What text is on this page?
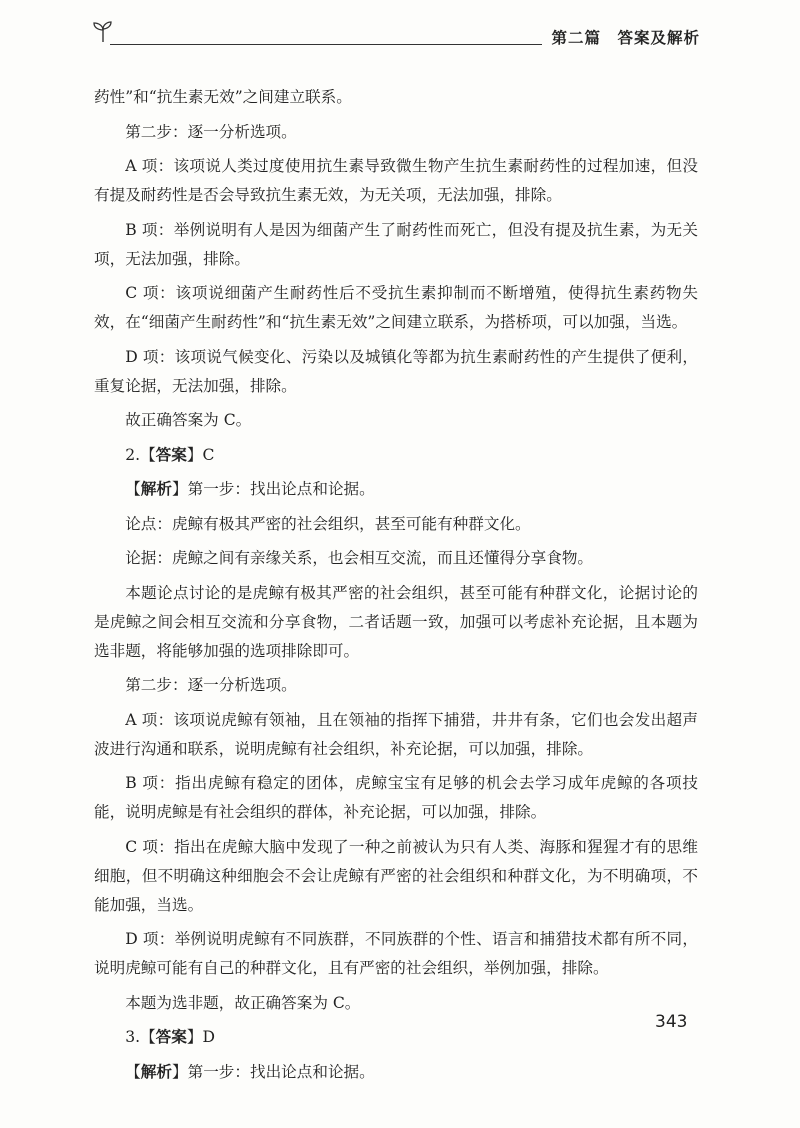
第二篇　答案及解析

药性”和“抗生素无效”之间建立联系。

第二步：逐一分析选项。

A 项：该项说人类过度使用抗生素导致微生物产生抗生素耐药性的过程加速，但没有提及耐药性是否会导致抗生素无效，为无关项，无法加强，排除。

B 项：举例说明有人是因为细菌产生了耐药性而死亡，但没有提及抗生素，为无关项，无法加强，排除。

C 项：该项说细菌产生耐药性后不受抗生素抑制而不断增殖，使得抗生素药物失效，在“细菌产生耐药性”和“抗生素无效”之间建立联系，为搭桥项，可以加强，当选。

D 项：该项说气候变化、污染以及城镇化等都为抗生素耐药性的产生提供了便利，重复论据，无法加强，排除。

故正确答案为 C。

2.【答案】C

【解析】第一步：找出论点和论据。

论点：虎鲸有极其严密的社会组织，甚至可能有种群文化。

论据：虎鲸之间有亲缘关系，也会相互交流，而且还懂得分享食物。

本题论点讨论的是虎鲸有极其严密的社会组织，甚至可能有种群文化，论据讨论的是虎鲸之间会相互交流和分享食物，二者话题一致，加强可以考虑补充论据，且本题为选非题，将能够加强的选项排除即可。

第二步：逐一分析选项。

A 项：该项说虎鲸有领袖，且在领袖的指挥下捕猎，井井有条，它们也会发出超声波进行沟通和联系，说明虎鲸有社会组织，补充论据，可以加强，排除。

B 项：指出虎鲸有稳定的团体，虎鲸宝宝有足够的机会去学习成年虎鲸的各项技能，说明虎鲸是有社会组织的群体，补充论据，可以加强，排除。

C 项：指出在虎鲸大脑中发现了一种之前被认为只有人类、海豚和猩猩才有的思维细胞，但不明确这种细胞会不会让虎鲸有严密的社会组织和种群文化，为不明确项，不能加强，当选。

D 项：举例说明虎鲸有不同族群，不同族群的个性、语言和捕猎技术都有所不同，说明虎鲸可能有自己的种群文化，且有严密的社会组织，举例加强，排除。

本题为选非题，故正确答案为 C。

3.【答案】D

【解析】第一步：找出论点和论据。

343
